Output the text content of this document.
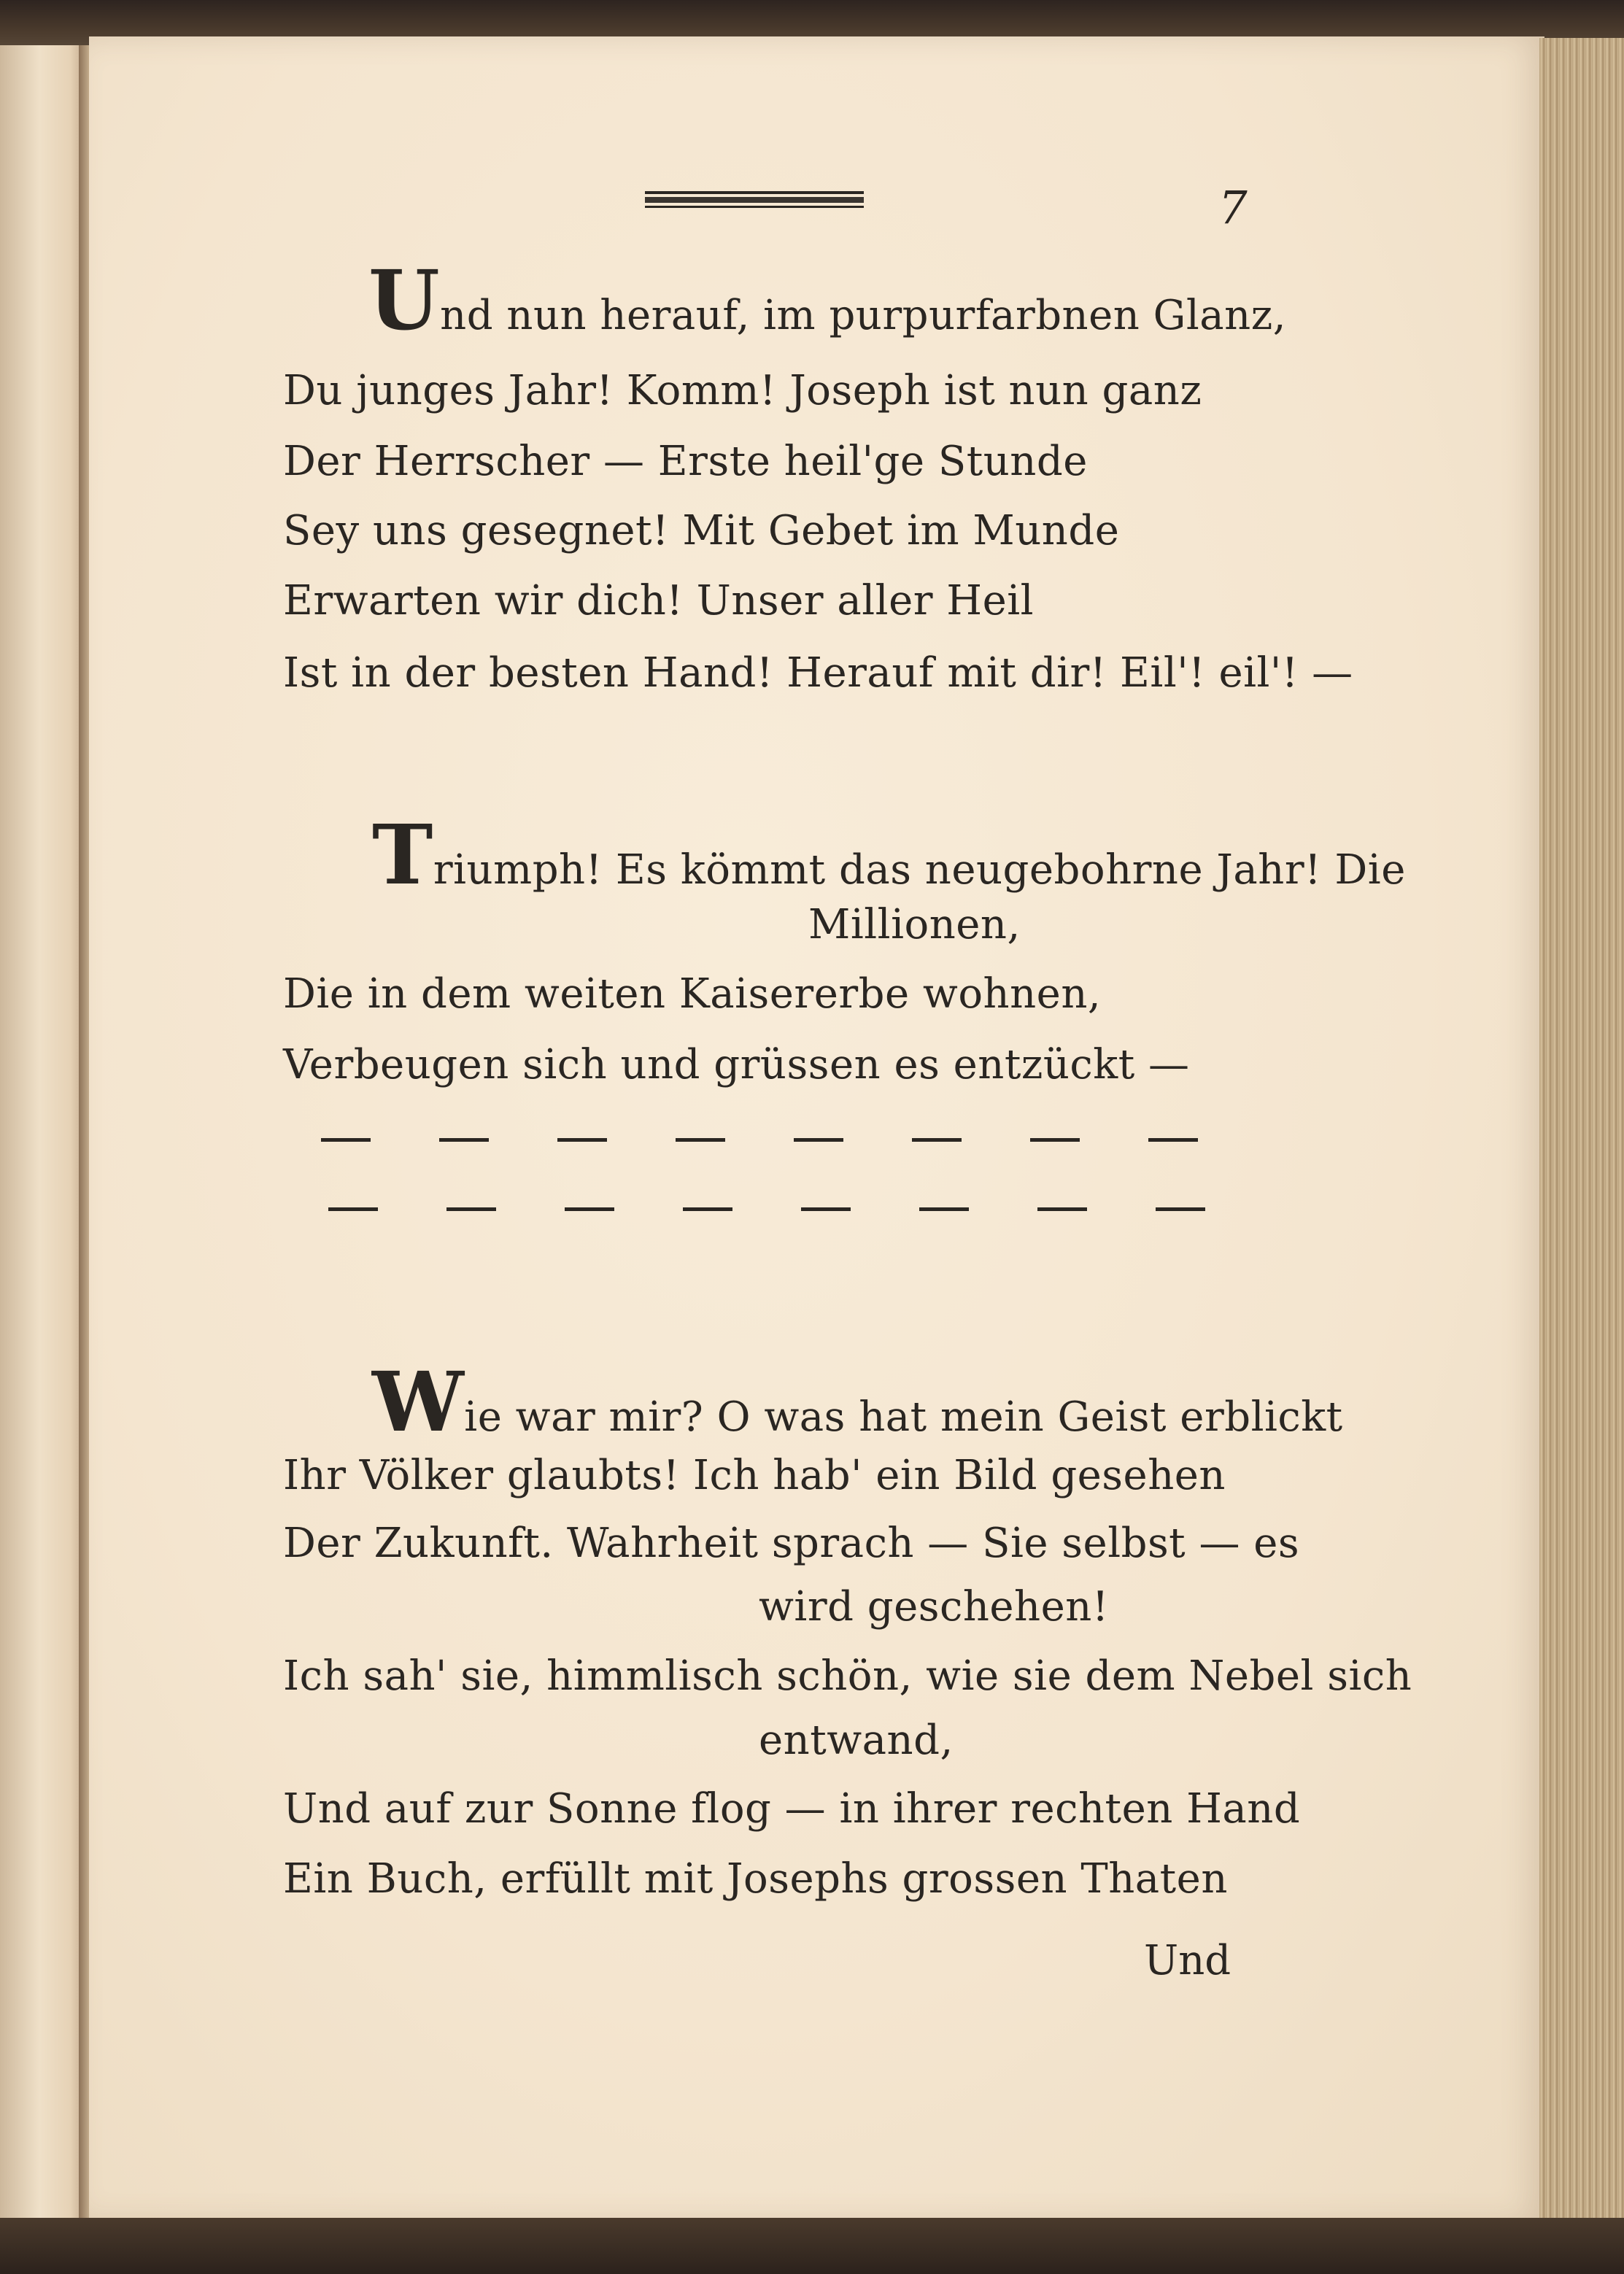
7
Und nun herauf, im purpurfarbnen Glanz,
Du junges Jahr! Komm! Joseph ist nun ganz
Der Herrscher — Erste heil'ge Stunde
Sey uns gesegnet! Mit Gebet im Munde
Erwarten wir dich! Unser aller Heil
Ist in der besten Hand! Herauf mit dir! Eil'! eil'! —
Triumph! Es kömmt das neugebohrne Jahr! Die
Millionen,
Die in dem weiten Kaisererbe wohnen,
Verbeugen sich und grüssen es entzückt —
Wie war mir? O was hat mein Geist erblickt
Ihr Völker glaubts! Ich hab' ein Bild gesehen
Der Zukunft. Wahrheit sprach — Sie selbst — es
wird geschehen!
Ich sah' sie, himmlisch schön, wie sie dem Nebel sich
entwand,
Und auf zur Sonne flog — in ihrer rechten Hand
Ein Buch, erfüllt mit Josephs grossen Thaten
Und
